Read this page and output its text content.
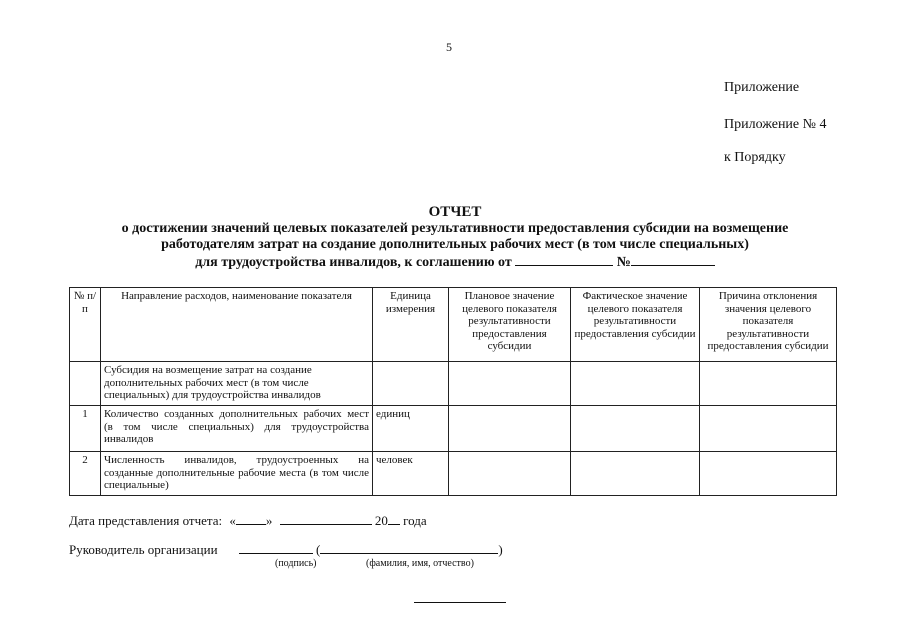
5
Приложение
Приложение № 4
к Порядку
ОТЧЕТ
о достижении значений целевых показателей результативности предоставления субсидии на возмещение
работодателям затрат на создание дополнительных рабочих мест (в том числе специальных)
для трудоустройства инвалидов, к соглашению от	№
№ п/п	Направление расходов, наименование показателя	Единица измерения	Плановое значение целевого показателя результативности предоставления субсидии	Фактическое значение целевого показателя результативности предоставления субсидии	Причина отклонения значения целевого показателя результативности предоставления субсидии
	Субсидия на возмещение затрат на создание дополнительных рабочих мест (в том числе специальных) для трудоустройства инвалидов				
1	Количество созданных дополнительных рабочих мест (в том числе специальных) для трудоустройства инвалидов	единиц			
2	Численность инвалидов, трудоустроенных на созданные дополнительные рабочие места (в том числе специальные)	человек			
Дата представления отчета: « »	20 года
Руководитель организации	(	)
(подпись)	(фамилия, имя, отчество)
